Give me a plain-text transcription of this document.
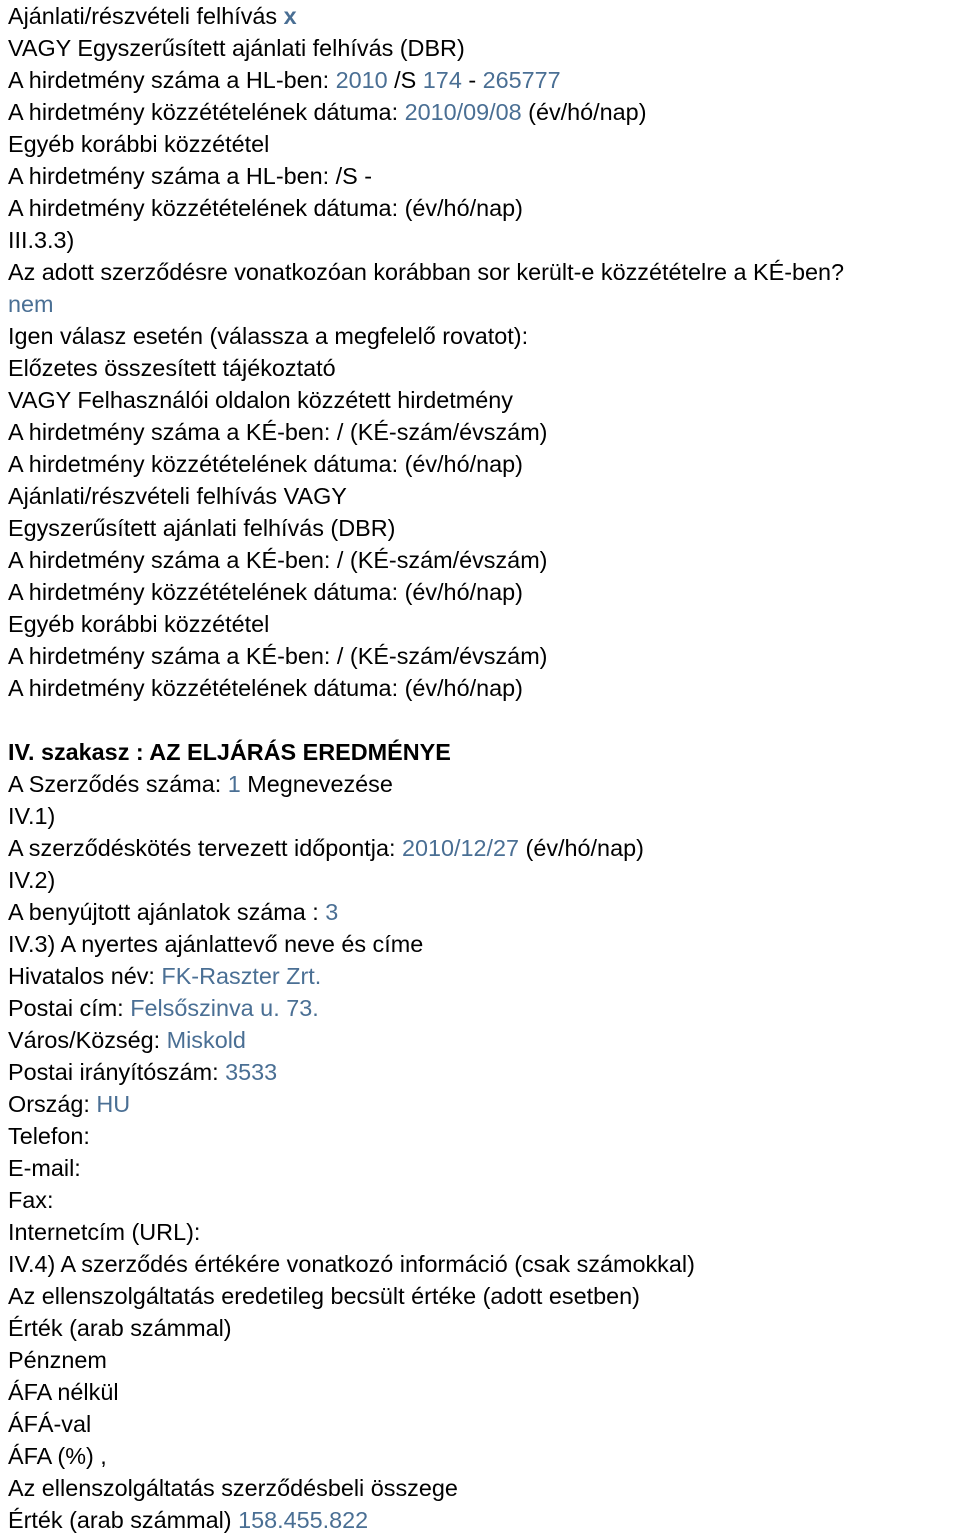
Ajánlati/részvételi felhívás x
VAGY Egyszerűsített ajánlati felhívás (DBR)
A hirdetmény száma a HL-ben: 2010 /S 174 - 265777
A hirdetmény közzétételének dátuma: 2010/09/08 (év/hó/nap)
Egyéb korábbi közzététel
A hirdetmény száma a HL-ben: /S -
A hirdetmény közzétételének dátuma: (év/hó/nap)
III.3.3)
Az adott szerződésre vonatkozóan korábban sor került-e közzétételre a KÉ-ben?
nem
Igen válasz esetén (válassza a megfelelő rovatot):
Előzetes összesített tájékoztató
VAGY Felhasználói oldalon közzétett hirdetmény
A hirdetmény száma a KÉ-ben: / (KÉ-szám/évszám)
A hirdetmény közzétételének dátuma: (év/hó/nap)
Ajánlati/részvételi felhívás VAGY
Egyszerűsített ajánlati felhívás (DBR)
A hirdetmény száma a KÉ-ben: / (KÉ-szám/évszám)
A hirdetmény közzétételének dátuma: (év/hó/nap)
Egyéb korábbi közzététel
A hirdetmény száma a KÉ-ben: / (KÉ-szám/évszám)
A hirdetmény közzétételének dátuma: (év/hó/nap)
IV. szakasz : AZ ELJÁRÁS EREDMÉNYE
A Szerződés száma: 1 Megnevezése
IV.1)
A szerződéskötés tervezett időpontja: 2010/12/27 (év/hó/nap)
IV.2)
A benyújtott ajánlatok száma : 3
IV.3) A nyertes ajánlattevő neve és címe
Hivatalos név: FK-Raszter Zrt.
Postai cím: Felsőszinva u. 73.
Város/Község: Miskold
Postai irányítószám: 3533
Ország: HU
Telefon:
E-mail:
Fax:
Internetcím (URL):
IV.4) A szerződés értékére vonatkozó információ (csak számokkal)
Az ellenszolgáltatás eredetileg becsült értéke (adott esetben)
Érték (arab számmal)
Pénznem
ÁFA nélkül
ÁFÁ-val
ÁFA (%) ,
Az ellenszolgáltatás szerződésbeli összege
Érték (arab számmal) 158.455.822
